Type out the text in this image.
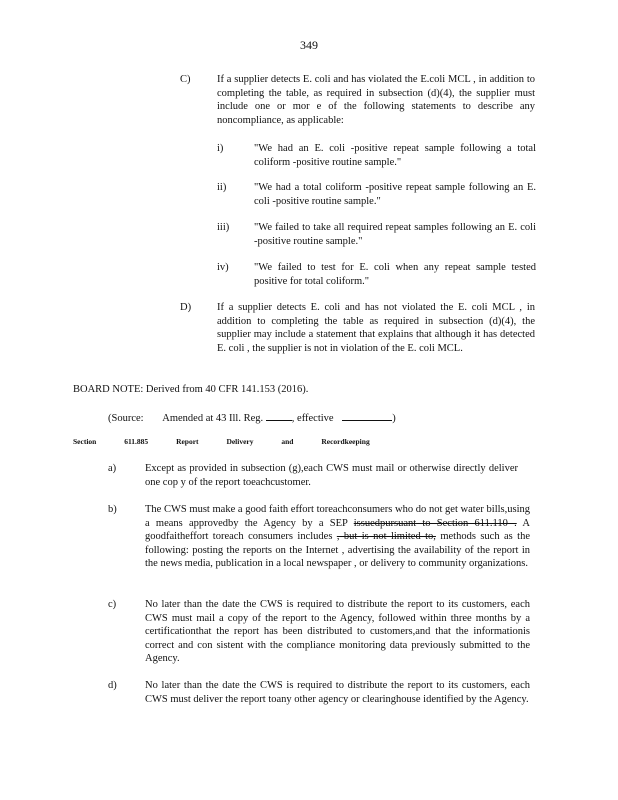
349
C)	If a supplier detects E. coli and has violated the E.coli MCL , in addition to completing the table, as required in subsection (d)(4), the supplier must include one or mor e of the following statements to describe any noncompliance, as applicable:
i)	"We had an E. coli -positive repeat sample following a total coliform -positive routine sample."
ii)	"We had a total coliform -positive repeat sample following an E. coli -positive routine sample."
iii) "We failed to take all required repeat samples following an E. coli -positive routine sample."
iv) "We failed to test for E. coli when any repeat sample tested positive for total coliform."
D) If a supplier detects E. coli and has not violated the E. coli MCL , in addition to completing the table as required in subsection (d)(4), the supplier may include a statement that explains that although it has detected E. coli , the supplier is not in violation of the E. coli MCL.
BOARD NOTE: Derived from 40 CFR 141.153 (2016).
(Source: Amended at 43 Ill. Reg.	, effective	)
Section	611.885	Report	Delivery	and	Recordkeeping
a)	Except as provided in subsection (g),each CWS must mail or otherwise directly deliver one cop y of the report toeachcustomer.
b)	The CWS must make a good faith effort toreachconsumers who do not get water bills,using a means approvedby the Agency by a SEP issuedpursuant to Section 611.110 . A goodfaitheffort toreach consumers includes , but is not limited to, methods such as the following: posting the reports on the Internet , advertising the availability of the report in the news media, publication in a local newspaper , or delivery to community organizations.
c)	No later than the date the CWS is required to distribute the report to its customers, each CWS must mail a copy of the report to the Agency, followed within three months by a certificationthat the report has been distributed to customers,and that the informationis correct and con sistent with the compliance monitoring data previously submitted to the Agency.
d)	No later than the date the CWS is required to distribute the report to its customers, each CWS must deliver the report toany other agency or clearinghouse identified by the Agency.
